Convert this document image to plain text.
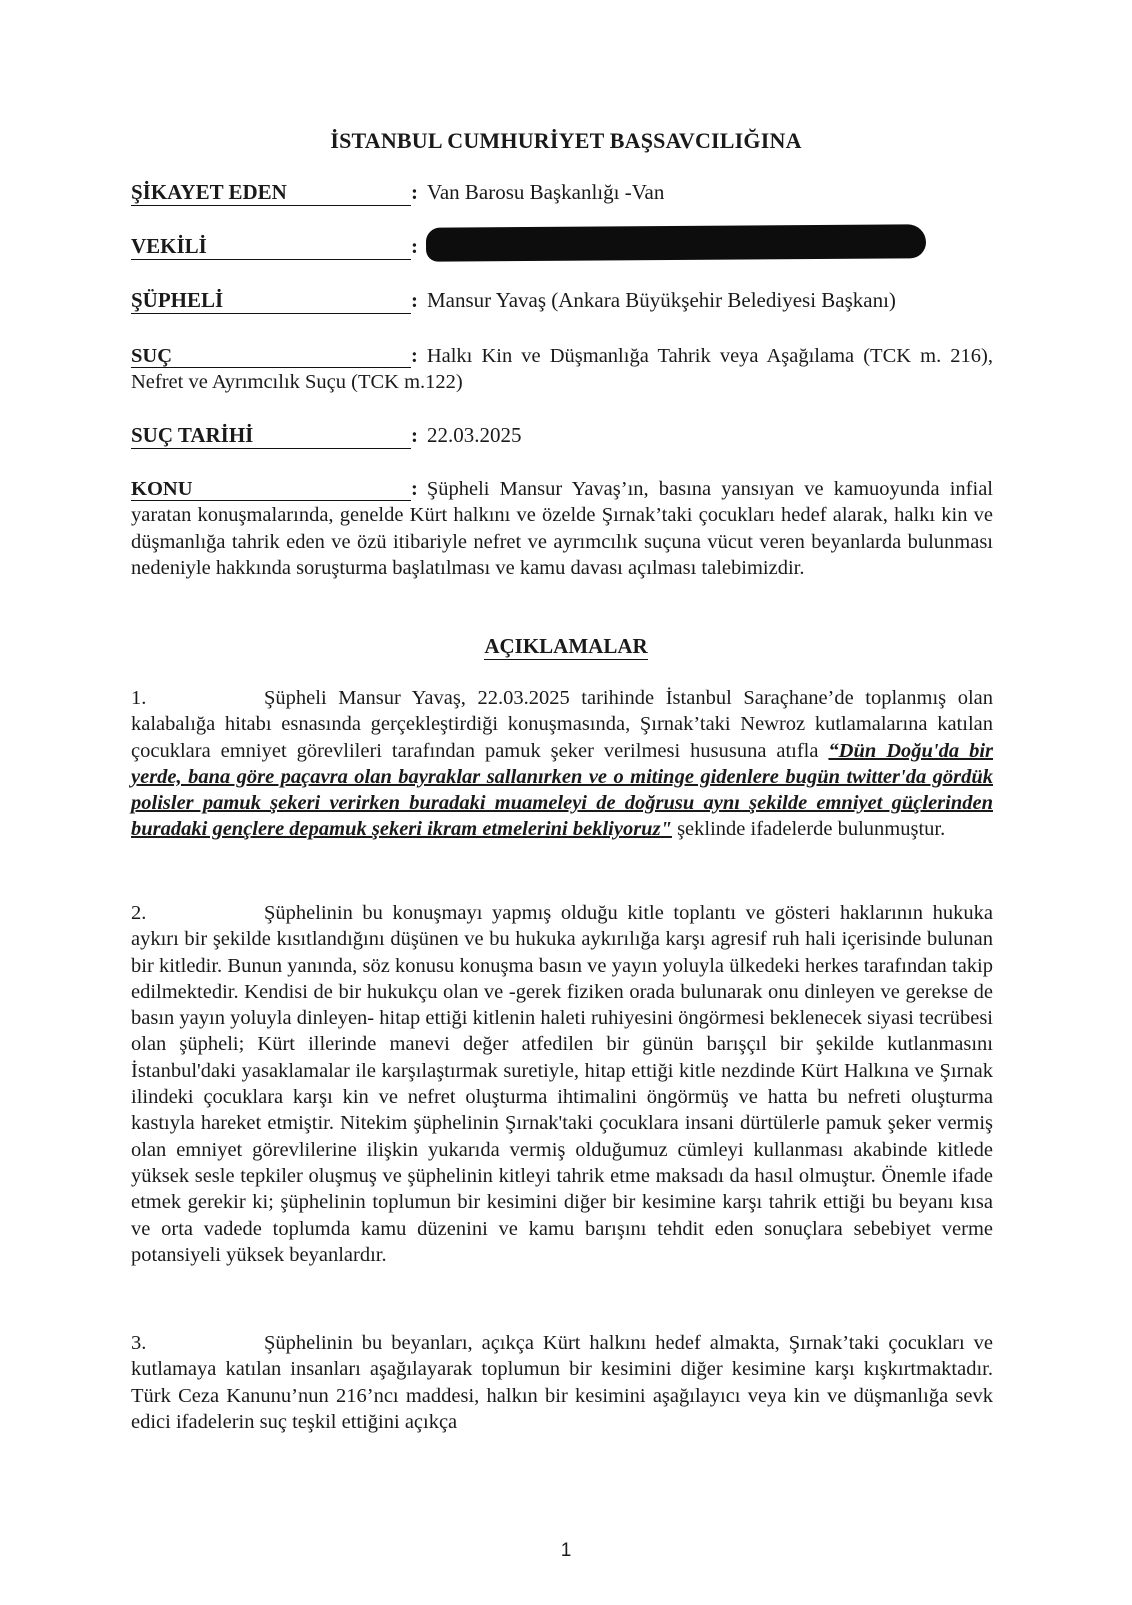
İSTANBUL CUMHURİYET BAŞSAVCILIĞINA
ŞİKAYET EDEN	: Van Barosu Başkanlığı -Van
VEKİLİ	:
ŞÜPHELİ	: Mansur Yavaş (Ankara Büyükşehir Belediyesi Başkanı)

SUÇ	: Halkı Kin ve Düşmanlığa Tahrik veya Aşağılama (TCK m. 216), Nefret ve Ayrımcılık Suçu (TCK m.122)

SUÇ TARİHİ	: 22.03.2025

KONU	: Şüpheli Mansur Yavaş’ın, basına yansıyan ve kamuoyunda infial yaratan konuşmalarında, genelde Kürt halkını ve özelde Şırnak’taki çocukları hedef alarak, halkı kin ve düşmanlığa tahrik eden ve özü itibariyle nefret ve ayrımcılık suçuna vücut veren beyanlarda bulunması nedeniyle hakkında soruşturma başlatılması ve kamu davası açılması talebimizdir.

AÇIKLAMALAR

1.	Şüpheli Mansur Yavaş, 22.03.2025 tarihinde İstanbul Saraçhane’de toplanmış olan kalabalığa hitabı esnasında gerçekleştirdiği konuşmasında, Şırnak’taki Newroz kutlamalarına katılan çocuklara emniyet görevlileri tarafından pamuk şeker verilmesi hususuna atıfla “Dün Doğu'da bir yerde, bana göre paçavra olan bayraklar sallanırken ve o mitinge gidenlere bugün twitter'da gördük polisler pamuk şekeri verirken buradaki muameleyi de doğrusu aynı şekilde emniyet güçlerinden buradaki gençlere depamuk şekeri ikram etmelerini bekliyoruz" şeklinde ifadelerde bulunmuştur.

2.	Şüphelinin bu konuşmayı yapmış olduğu kitle toplantı ve gösteri haklarının hukuka aykırı bir şekilde kısıtlandığını düşünen ve bu hukuka aykırılığa karşı agresif ruh hali içerisinde bulunan bir kitledir. Bunun yanında, söz konusu konuşma basın ve yayın yoluyla ülkedeki herkes tarafından takip edilmektedir. Kendisi de bir hukukçu olan ve -gerek fiziken orada bulunarak onu dinleyen ve gerekse de basın yayın yoluyla dinleyen- hitap ettiği kitlenin haleti ruhiyesini öngörmesi beklenecek siyasi tecrübesi olan şüpheli; Kürt illerinde manevi değer atfedilen bir günün barışçıl bir şekilde kutlanmasını İstanbul'daki yasaklamalar ile karşılaştırmak suretiyle, hitap ettiği kitle nezdinde Kürt Halkına ve Şırnak ilindeki çocuklara karşı kin ve nefret oluşturma ihtimalini öngörmüş ve hatta bu nefreti oluşturma kastıyla hareket etmiştir. Nitekim şüphelinin Şırnak'taki çocuklara insani dürtülerle pamuk şeker vermiş olan emniyet görevlilerine ilişkin yukarıda vermiş olduğumuz cümleyi kullanması akabinde kitlede yüksek sesle tepkiler oluşmuş ve şüphelinin kitleyi tahrik etme maksadı da hasıl olmuştur. Önemle ifade etmek gerekir ki; şüphelinin toplumun bir kesimini diğer bir kesimine karşı tahrik ettiği bu beyanı kısa ve orta vadede toplumda kamu düzenini ve kamu barışını tehdit eden sonuçlara sebebiyet verme potansiyeli yüksek beyanlardır.

3.	Şüphelinin bu beyanları, açıkça Kürt halkını hedef almakta, Şırnak’taki çocukları ve kutlamaya katılan insanları aşağılayarak toplumun bir kesimini diğer kesimine karşı kışkırtmaktadır. Türk Ceza Kanunu’nun 216’ncı maddesi, halkın bir kesimini aşağılayıcı veya kin ve düşmanlığa sevk edici ifadelerin suç teşkil ettiğini açıkça

1
